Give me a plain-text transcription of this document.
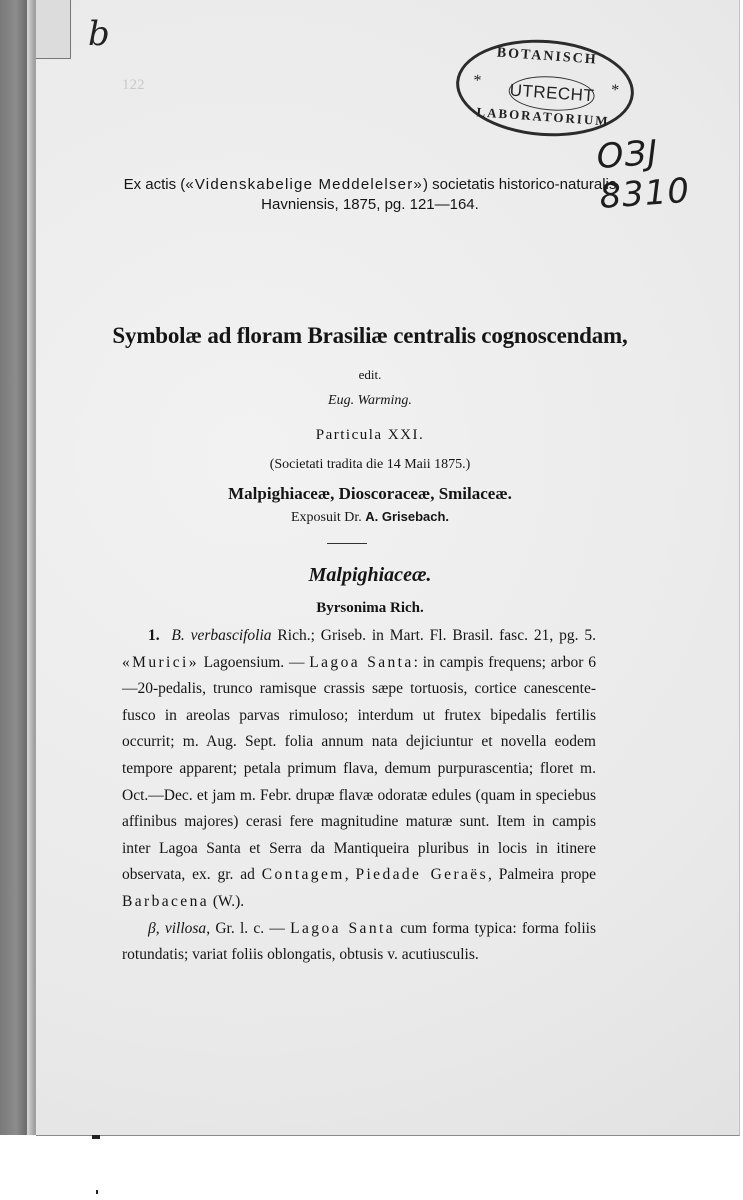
b
122
BOTANISCH
* UTRECHT *
LABORATORIUM
ОЗJ 8310
Ex actis («Videnskabelige Meddelelser») societatis historico-naturalis
Havniensis, 1875, pg. 121—164.
Symbolæ ad floram Brasiliæ centralis cognoscendam,
edit.
Eug. Warming.
Particula XXI.
(Societati tradita die 14 Maii 1875.)
Malpighiaceæ, Dioscoraceæ, Smilaceæ.
Exposuit Dr. A. Grisebach.
Malpighiaceæ.
Byrsonima Rich.

1. B. verbascifolia Rich.; Griseb. in Mart. Fl. Brasil. fasc. 21, pg. 5. «Murici» Lagoensium. — Lagoa Santa: in campis frequens; arbor 6—20-pedalis, trunco ramisque crassis sæpe tortuosis, cortice canescente-fusco in areolas parvas rimuloso; interdum ut frutex bipedalis fertilis occurrit; m. Aug. Sept. folia annum nata dejiciuntur et novella eodem tempore apparent; petala primum flava, demum purpurascentia; floret m. Oct.—Dec. et jam m. Febr. drupæ flavæ odoratæ edules (quam in speciebus affinibus majores) cerasi fere magnitudine maturæ sunt. Item in campis inter Lagoa Santa et Serra da Mantiqueira pluribus in locis in itinere observata, ex. gr. ad Contagem, Piedade Geraës, Palmeira prope Barbacena (W.).

β, villosa, Gr. l. c. — Lagoa Santa cum forma typica: forma foliis rotundatis; variat foliis oblongatis, obtusis v. acutiusculis.
